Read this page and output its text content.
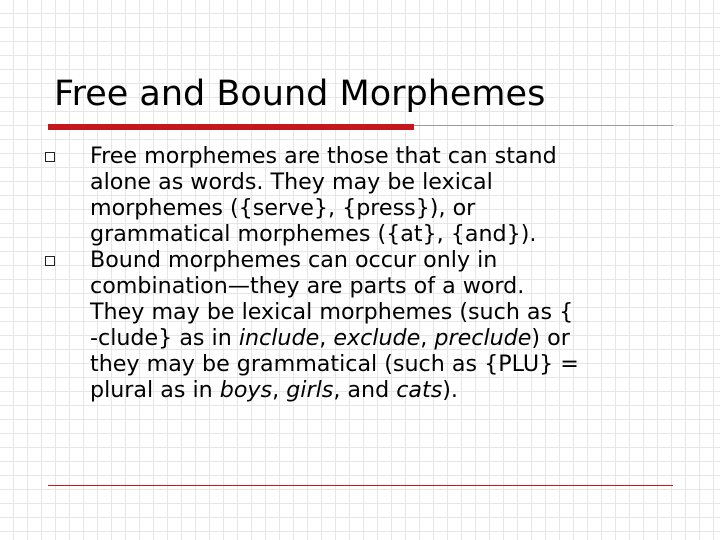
Free and Bound Morphemes
Free morphemes are those that can stand
alone as words. They may be lexical
morphemes ({serve}, {press}), or
grammatical morphemes ({at}, {and}).
Bound morphemes can occur only in
combination—they are parts of a word.
They may be lexical morphemes (such as {
-clude} as in include, exclude, preclude) or
they may be grammatical (such as {PLU} =
plural as in boys, girls, and cats).
